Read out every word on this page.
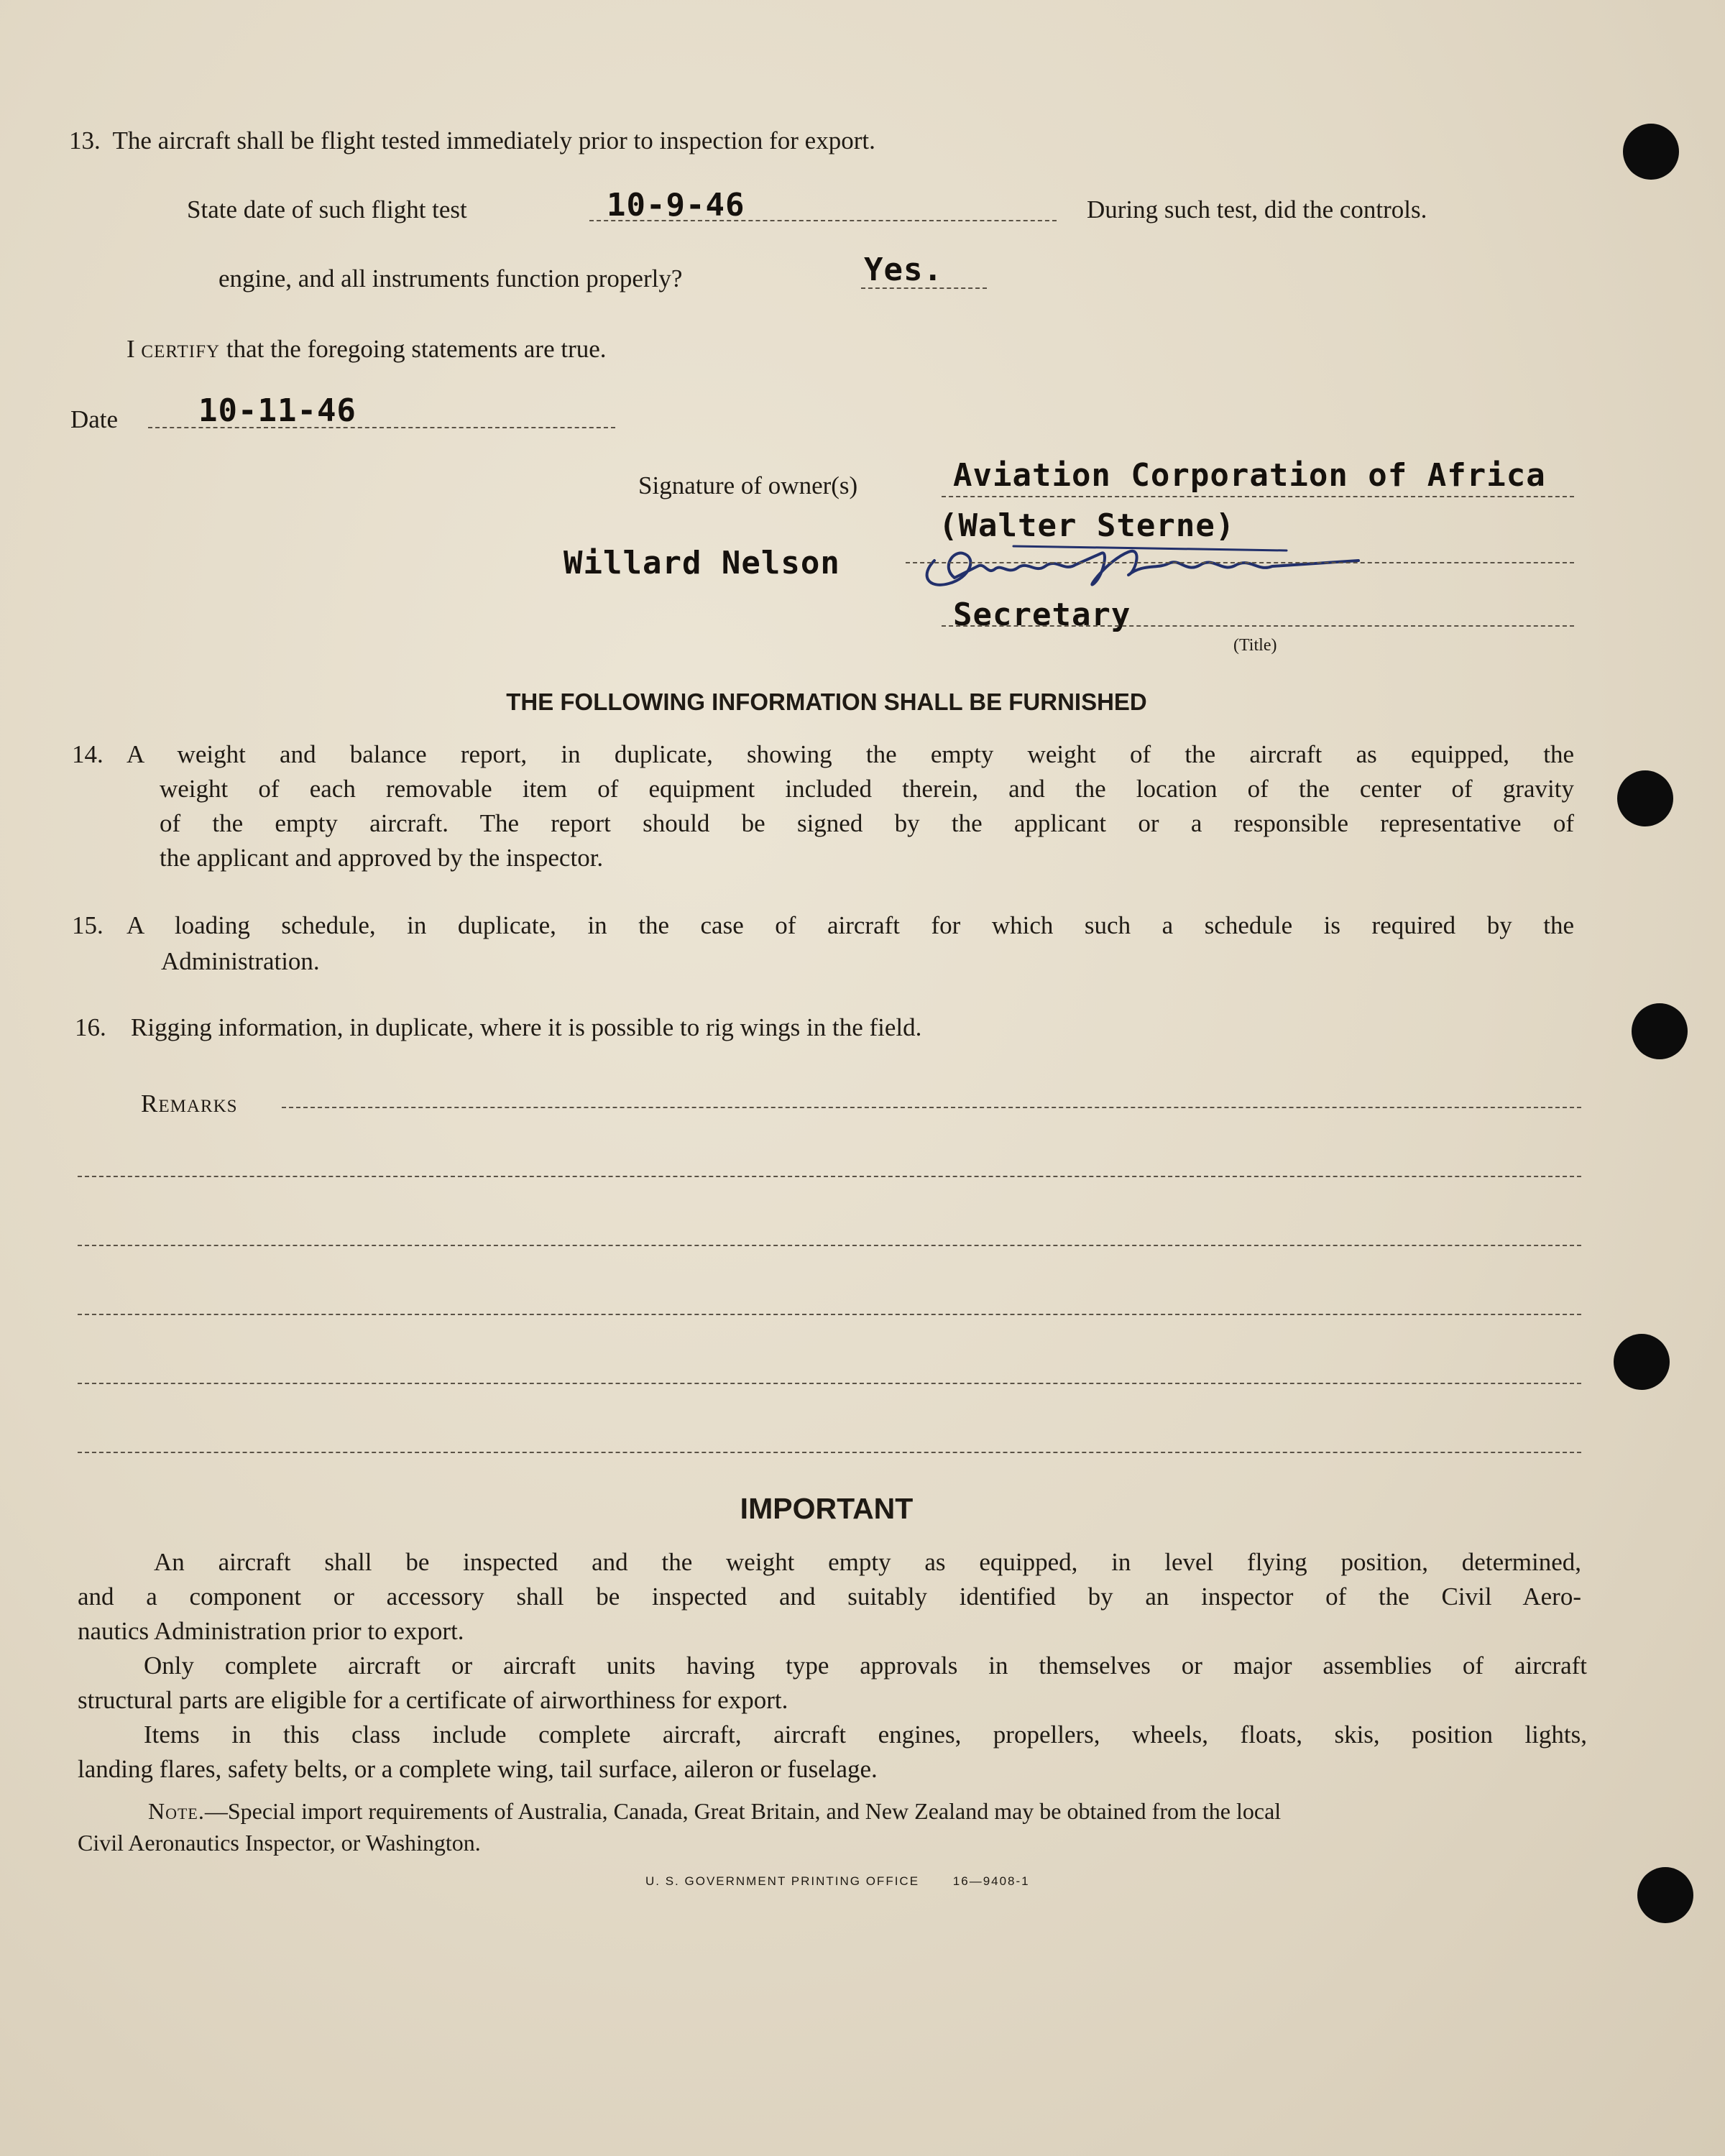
13. The aircraft shall be flight tested immediately prior to inspection for export.
State date of such flight test	10-9-46	During such test, did the controls.
engine, and all instruments function properly?	Yes.
I certify that the foregoing statements are true.
Date	10-11-46
Signature of owner(s)	Aviation Corporation of Africa
(Walter Sterne)
Willard Nelson
Secretary
(Title)
THE FOLLOWING INFORMATION SHALL BE FURNISHED
14. A weight and balance report, in duplicate, showing the empty weight of the aircraft as equipped, the
weight of each removable item of equipment included therein, and the location of the center of gravity
of the empty aircraft. The report should be signed by the applicant or a responsible representative of
the applicant and approved by the inspector.
15. A loading schedule, in duplicate, in the case of aircraft for which such a schedule is required by the
Administration.
16. Rigging information, in duplicate, where it is possible to rig wings in the field.
Remarks
IMPORTANT
An aircraft shall be inspected and the weight empty as equipped, in level flying position, determined,
and a component or accessory shall be inspected and suitably identified by an inspector of the Civil Aero-
nautics Administration prior to export.
Only complete aircraft or aircraft units having type approvals in themselves or major assemblies of aircraft
structural parts are eligible for a certificate of airworthiness for export.
Items in this class include complete aircraft, aircraft engines, propellers, wheels, floats, skis, position lights,
landing flares, safety belts, or a complete wing, tail surface, aileron or fuselage.
Note.—Special import requirements of Australia, Canada, Great Britain, and New Zealand may be obtained from the local
Civil Aeronautics Inspector, or Washington.
U. S. GOVERNMENT PRINTING OFFICE	16—9408-1
